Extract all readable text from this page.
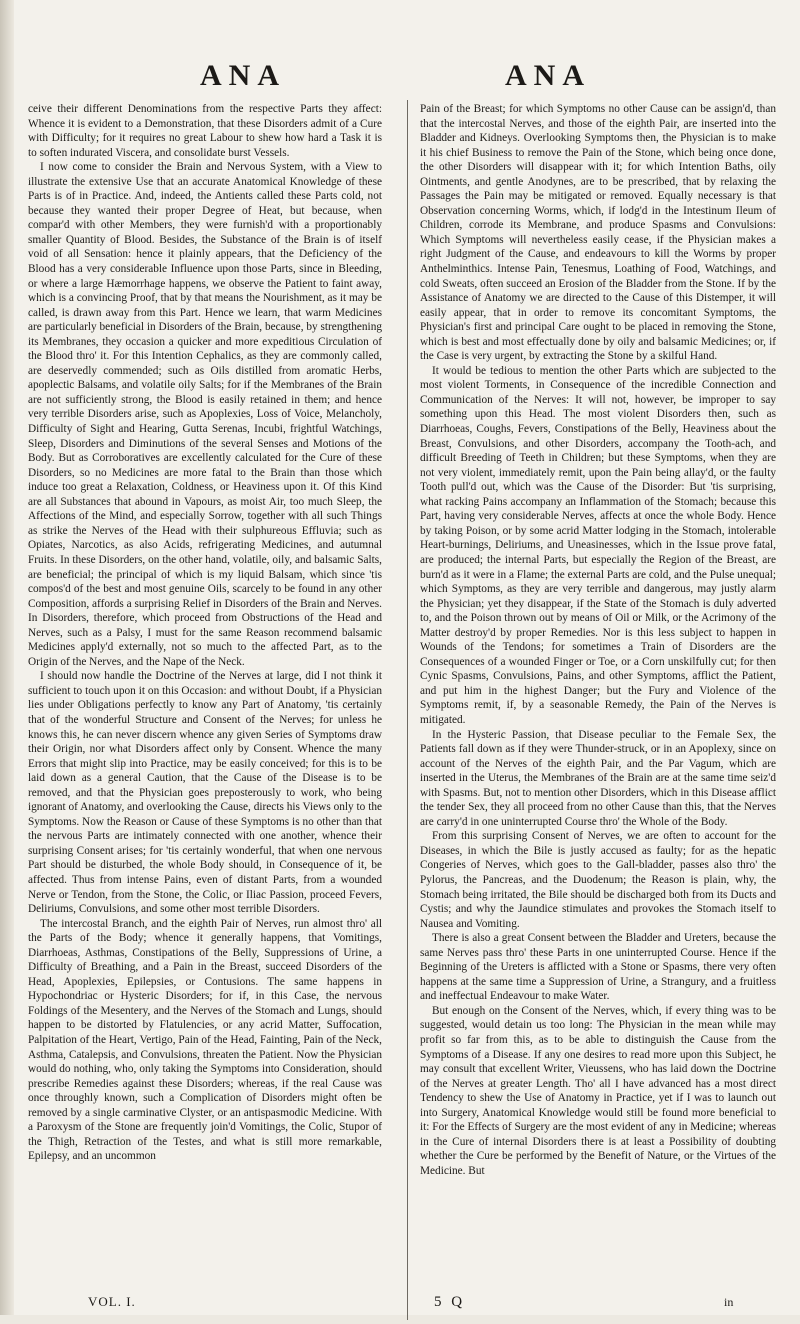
ANA	ANA

ceive their different Denominations from the respective Parts they affect: Whence it is evident to a Demonstration, that these Disorders admit of a Cure with Difficulty; for it requires no great Labour to shew how hard a Task it is to soften indurated Viscera, and consolidate burst Vessels.

I now come to consider the Brain and Nervous System, with a View to illustrate the extensive Use that an accurate Anatomical Knowledge of these Parts is of in Practice. And, indeed, the Antients called these Parts cold, not because they wanted their proper Degree of Heat, but because, when compar'd with other Members, they were furnish'd with a proportionably smaller Quantity of Blood. Besides, the Substance of the Brain is of itself void of all Sensation: hence it plainly appears, that the Deficiency of the Blood has a very considerable Influence upon those Parts, since in Bleeding, or where a large Hæmorrhage happens, we observe the Patient to faint away, which is a convincing Proof, that by that means the Nourishment, as it may be called, is drawn away from this Part. Hence we learn, that warm Medicines are particularly beneficial in Disorders of the Brain, because, by strengthening its Membranes, they occasion a quicker and more expeditious Circulation of the Blood thro' it. For this Intention Cephalics, as they are commonly called, are deservedly commended; such as Oils distilled from aromatic Herbs, apoplectic Balsams, and volatile oily Salts; for if the Membranes of the Brain are not sufficiently strong, the Blood is easily retained in them; and hence very terrible Disorders arise, such as Apoplexies, Loss of Voice, Melancholy, Difficulty of Sight and Hearing, Gutta Serenas, Incubi, frightful Watchings, Sleep, Disorders and Diminutions of the several Senses and Motions of the Body. But as Corroboratives are excellently calculated for the Cure of these Disorders, so no Medicines are more fatal to the Brain than those which induce too great a Relaxation, Coldness, or Heaviness upon it. Of this Kind are all Substances that abound in Vapours, as moist Air, too much Sleep, the Affections of the Mind, and especially Sorrow, together with all such Things as strike the Nerves of the Head with their sulphureous Effluvia; such as Opiates, Narcotics, as also Acids, refrigerating Medicines, and autumnal Fruits. In these Disorders, on the other hand, volatile, oily, and balsamic Salts, are beneficial; the principal of which is my liquid Balsam, which since 'tis compos'd of the best and most genuine Oils, scarcely to be found in any other Composition, affords a surprising Relief in Disorders of the Brain and Nerves. In Disorders, therefore, which proceed from Obstructions of the Head and Nerves, such as a Palsy, I must for the same Reason recommend balsamic Medicines apply'd externally, not so much to the affected Part, as to the Origin of the Nerves, and the Nape of the Neck.

I should now handle the Doctrine of the Nerves at large, did I not think it sufficient to touch upon it on this Occasion: and without Doubt, if a Physician lies under Obligations perfectly to know any Part of Anatomy, 'tis certainly that of the wonderful Structure and Consent of the Nerves; for unless he knows this, he can never discern whence any given Series of Symptoms draw their Origin, nor what Disorders affect only by Consent. Whence the many Errors that might slip into Practice, may be easily conceived; for this is to be laid down as a general Caution, that the Cause of the Disease is to be removed, and that the Physician goes preposterously to work, who being ignorant of Anatomy, and overlooking the Cause, directs his Views only to the Symptoms. Now the Reason or Cause of these Symptoms is no other than that the nervous Parts are intimately connected with one another, whence their surprising Consent arises; for 'tis certainly wonderful, that when one nervous Part should be disturbed, the whole Body should, in Consequence of it, be affected. Thus from intense Pains, even of distant Parts, from a wounded Nerve or Tendon, from the Stone, the Colic, or Iliac Passion, proceed Fevers, Deliriums, Convulsions, and some other most terrible Disorders.

The intercostal Branch, and the eighth Pair of Nerves, run almost thro' all the Parts of the Body; whence it generally happens, that Vomitings, Diarrhoeas, Asthmas, Constipations of the Belly, Suppressions of Urine, a Difficulty of Breathing, and a Pain in the Breast, succeed Disorders of the Head, Apoplexies, Epilepsies, or Contusions. The same happens in Hypochondriac or Hysteric Disorders; for if, in this Case, the nervous Foldings of the Mesentery, and the Nerves of the Stomach and Lungs, should happen to be distorted by Flatulencies, or any acrid Matter, Suffocation, Palpitation of the Heart, Vertigo, Pain of the Head, Fainting, Pain of the Neck, Asthma, Catalepsis, and Convulsions, threaten the Patient. Now the Physician would do nothing, who, only taking the Symptoms into Consideration, should prescribe Remedies against these Disorders; whereas, if the real Cause was once throughly known, such a Complication of Disorders might often be removed by a single carminative Clyster, or an antispasmodic Medicine. With a Paroxysm of the Stone are frequently join'd Vomitings, the Colic, Stupor of the Thigh, Retraction of the Testes, and what is still more remarkable, Epilepsy, and an uncommon

Pain of the Breast; for which Symptoms no other Cause can be assign'd, than that the intercostal Nerves, and those of the eighth Pair, are inserted into the Bladder and Kidneys. Overlooking Symptoms then, the Physician is to make it his chief Business to remove the Pain of the Stone, which being once done, the other Disorders will disappear with it; for which Intention Baths, oily Ointments, and gentle Anodynes, are to be prescribed, that by relaxing the Passages the Pain may be mitigated or removed. Equally necessary is that Observation concerning Worms, which, if lodg'd in the Intestinum Ileum of Children, corrode its Membrane, and produce Spasms and Convulsions: Which Symptoms will nevertheless easily cease, if the Physician makes a right Judgment of the Cause, and endeavours to kill the Worms by proper Anthelminthics. Intense Pain, Tenesmus, Loathing of Food, Watchings, and cold Sweats, often succeed an Erosion of the Bladder from the Stone. If by the Assistance of Anatomy we are directed to the Cause of this Distemper, it will easily appear, that in order to remove its concomitant Symptoms, the Physician's first and principal Care ought to be placed in removing the Stone, which is best and most effectually done by oily and balsamic Medicines; or, if the Case is very urgent, by extracting the Stone by a skilful Hand.

It would be tedious to mention the other Parts which are subjected to the most violent Torments, in Consequence of the incredible Connection and Communication of the Nerves: It will not, however, be improper to say something upon this Head. The most violent Disorders then, such as Diarrhoeas, Coughs, Fevers, Constipations of the Belly, Heaviness about the Breast, Convulsions, and other Disorders, accompany the Tooth-ach, and difficult Breeding of Teeth in Children; but these Symptoms, when they are not very violent, immediately remit, upon the Pain being allay'd, or the faulty Tooth pull'd out, which was the Cause of the Disorder: But 'tis surprising, what racking Pains accompany an Inflammation of the Stomach; because this Part, having very considerable Nerves, affects at once the whole Body. Hence by taking Poison, or by some acrid Matter lodging in the Stomach, intolerable Heart-burnings, Deliriums, and Uneasinesses, which in the Issue prove fatal, are produced; the internal Parts, but especially the Region of the Breast, are burn'd as it were in a Flame; the external Parts are cold, and the Pulse unequal; which Symptoms, as they are very terrible and dangerous, may justly alarm the Physician; yet they disappear, if the State of the Stomach is duly adverted to, and the Poison thrown out by means of Oil or Milk, or the Acrimony of the Matter destroy'd by proper Remedies. Nor is this less subject to happen in Wounds of the Tendons; for sometimes a Train of Disorders are the Consequences of a wounded Finger or Toe, or a Corn unskilfully cut; for then Cynic Spasms, Convulsions, Pains, and other Symptoms, afflict the Patient, and put him in the highest Danger; but the Fury and Violence of the Symptoms remit, if, by a seasonable Remedy, the Pain of the Nerves is mitigated.

In the Hysteric Passion, that Disease peculiar to the Female Sex, the Patients fall down as if they were Thunder-struck, or in an Apoplexy, since on account of the Nerves of the eighth Pair, and the Par Vagum, which are inserted in the Uterus, the Membranes of the Brain are at the same time seiz'd with Spasms. But, not to mention other Disorders, which in this Disease afflict the tender Sex, they all proceed from no other Cause than this, that the Nerves are carry'd in one uninterrupted Course thro' the Whole of the Body.

From this surprising Consent of Nerves, we are often to account for the Diseases, in which the Bile is justly accused as faulty; for as the hepatic Congeries of Nerves, which goes to the Gall-bladder, passes also thro' the Pylorus, the Pancreas, and the Duodenum; the Reason is plain, why, the Stomach being irritated, the Bile should be discharged both from its Ducts and Cystis; and why the Jaundice stimulates and provokes the Stomach itself to Nausea and Vomiting.

There is also a great Consent between the Bladder and Ureters, because the same Nerves pass thro' these Parts in one uninterrupted Course. Hence if the Beginning of the Ureters is afflicted with a Stone or Spasms, there very often happens at the same time a Suppression of Urine, a Strangury, and a fruitless and ineffectual Endeavour to make Water.

But enough on the Consent of the Nerves, which, if every thing was to be suggested, would detain us too long: The Physician in the mean while may profit so far from this, as to be able to distinguish the Cause from the Symptoms of a Disease. If any one desires to read more upon this Subject, he may consult that excellent Writer, Vieussens, who has laid down the Doctrine of the Nerves at greater Length. Tho' all I have advanced has a most direct Tendency to shew the Use of Anatomy in Practice, yet if I was to launch out into Surgery, Anatomical Knowledge would still be found more beneficial to it: For the Effects of Surgery are the most evident of any in Medicine; whereas in the Cure of internal Disorders there is at least a Possibility of doubting whether the Cure be performed by the Benefit of Nature, or the Virtues of the Medicine. But

VOL. I.	5 Q	in
